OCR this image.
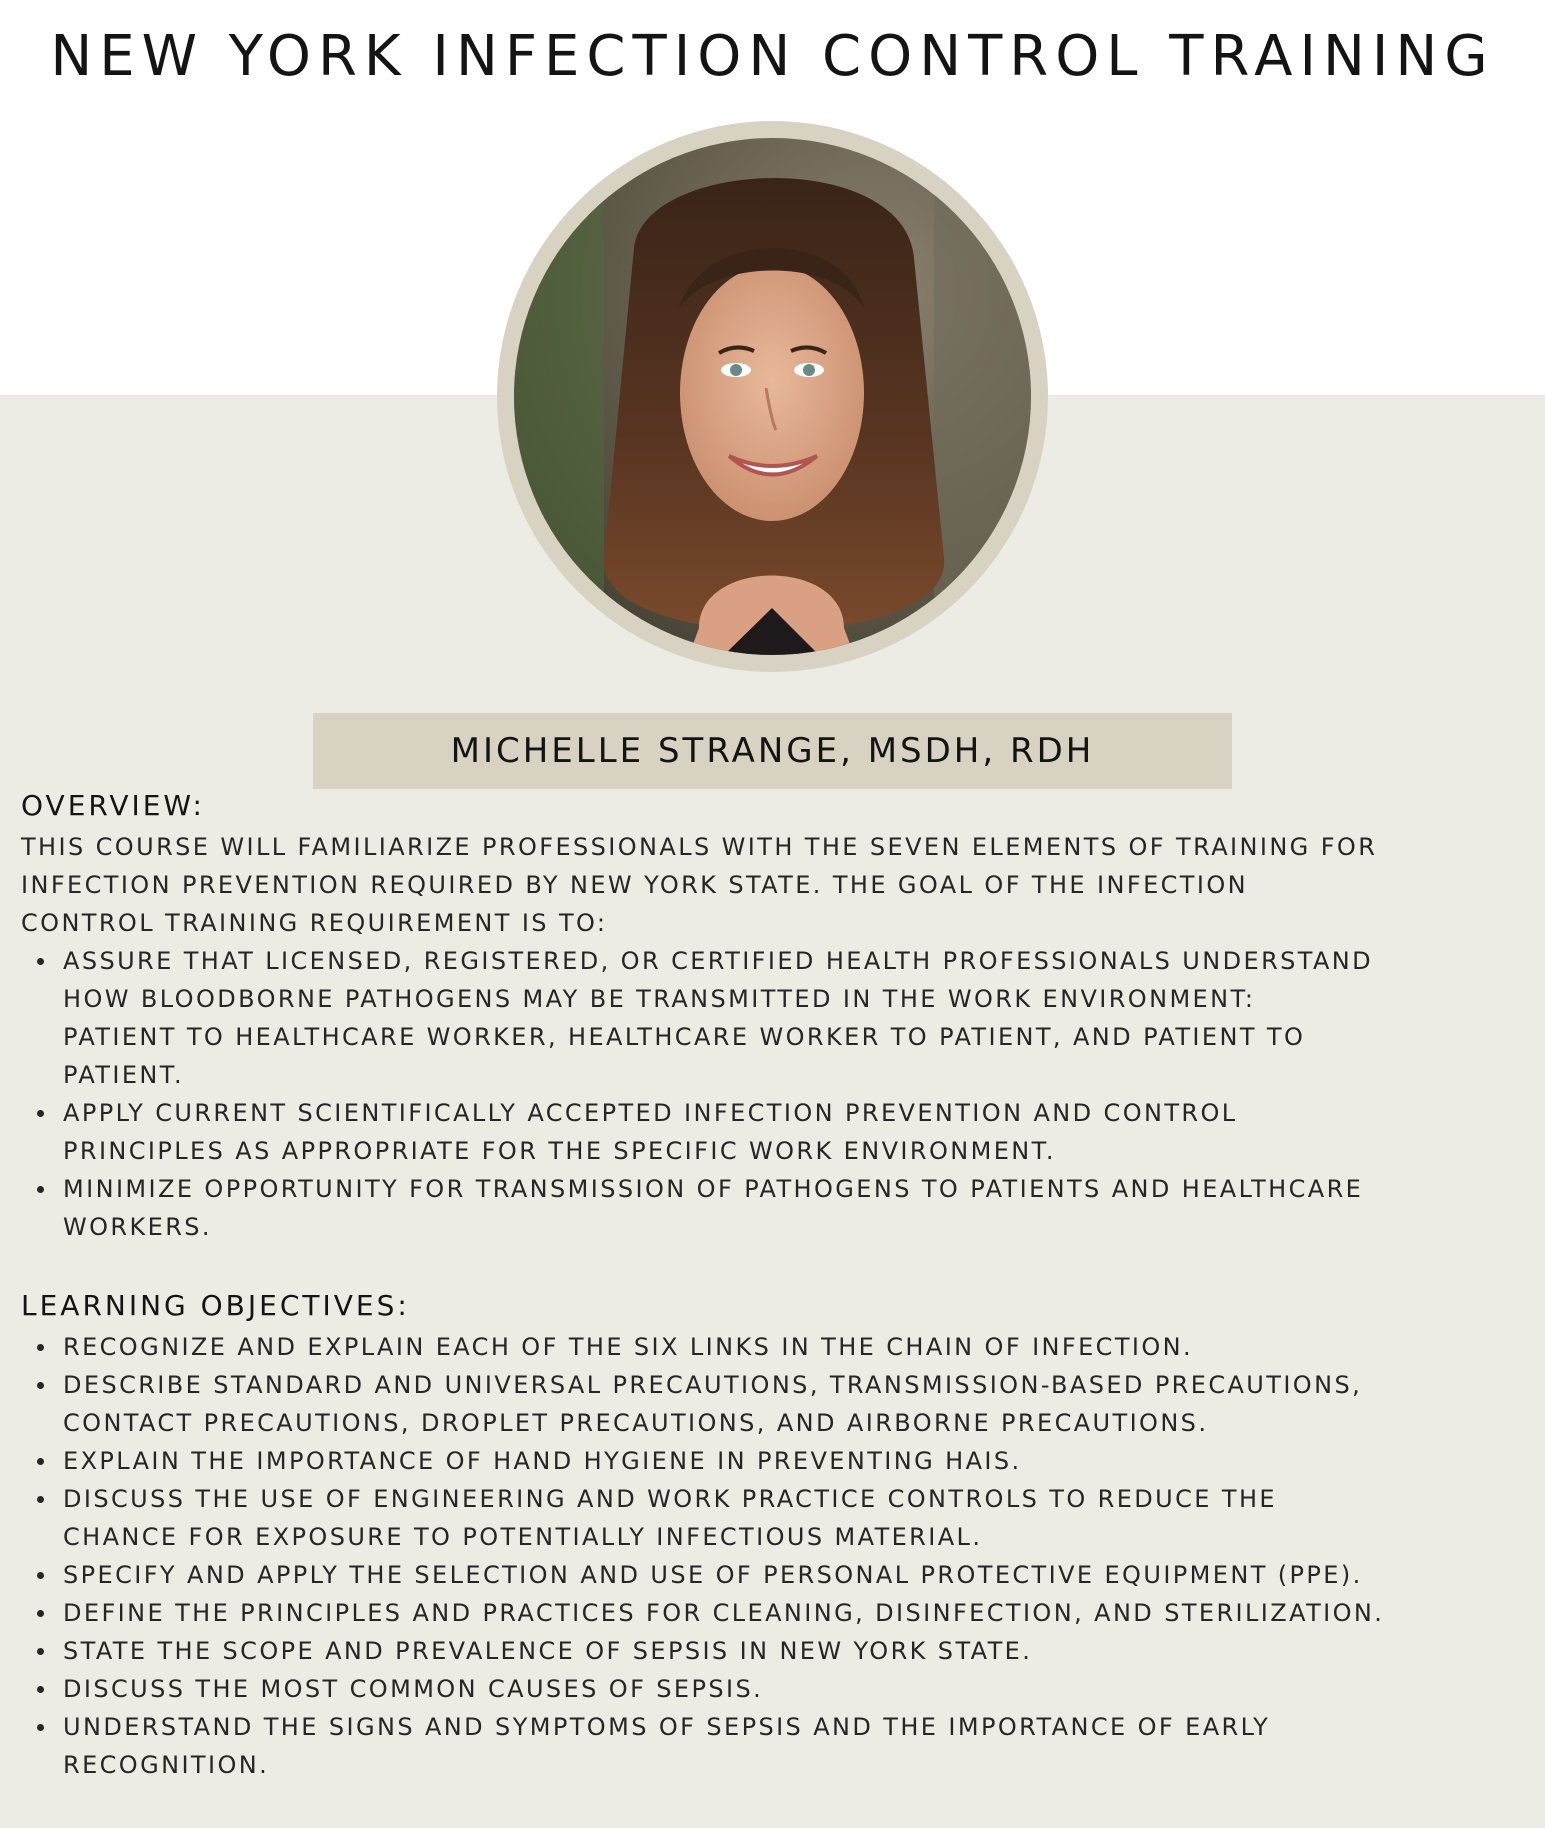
NEW YORK INFECTION CONTROL TRAINING
MICHELLE STRANGE, MSDH, RDH
OVERVIEW:

THIS COURSE WILL FAMILIARIZE PROFESSIONALS WITH THE SEVEN ELEMENTS OF TRAINING FOR
INFECTION PREVENTION REQUIRED BY NEW YORK STATE. THE GOAL OF THE INFECTION
CONTROL TRAINING REQUIREMENT IS TO:

ASSURE THAT LICENSED, REGISTERED, OR CERTIFIED HEALTH PROFESSIONALS UNDERSTAND
HOW BLOODBORNE PATHOGENS MAY BE TRANSMITTED IN THE WORK ENVIRONMENT:
PATIENT TO HEALTHCARE WORKER, HEALTHCARE WORKER TO PATIENT, AND PATIENT TO
PATIENT.
APPLY CURRENT SCIENTIFICALLY ACCEPTED INFECTION PREVENTION AND CONTROL
PRINCIPLES AS APPROPRIATE FOR THE SPECIFIC WORK ENVIRONMENT.
MINIMIZE OPPORTUNITY FOR TRANSMISSION OF PATHOGENS TO PATIENTS AND HEALTHCARE
WORKERS.
LEARNING OBJECTIVES:
RECOGNIZE AND EXPLAIN EACH OF THE SIX LINKS IN THE CHAIN OF INFECTION.
DESCRIBE STANDARD AND UNIVERSAL PRECAUTIONS, TRANSMISSION-BASED PRECAUTIONS,
CONTACT PRECAUTIONS, DROPLET PRECAUTIONS, AND AIRBORNE PRECAUTIONS.
EXPLAIN THE IMPORTANCE OF HAND HYGIENE IN PREVENTING HAIS.
DISCUSS THE USE OF ENGINEERING AND WORK PRACTICE CONTROLS TO REDUCE THE
CHANCE FOR EXPOSURE TO POTENTIALLY INFECTIOUS MATERIAL.
SPECIFY AND APPLY THE SELECTION AND USE OF PERSONAL PROTECTIVE EQUIPMENT (PPE).
DEFINE THE PRINCIPLES AND PRACTICES FOR CLEANING, DISINFECTION, AND STERILIZATION.
STATE THE SCOPE AND PREVALENCE OF SEPSIS IN NEW YORK STATE.
DISCUSS THE MOST COMMON CAUSES OF SEPSIS.
UNDERSTAND THE SIGNS AND SYMPTOMS OF SEPSIS AND THE IMPORTANCE OF EARLY
RECOGNITION.
